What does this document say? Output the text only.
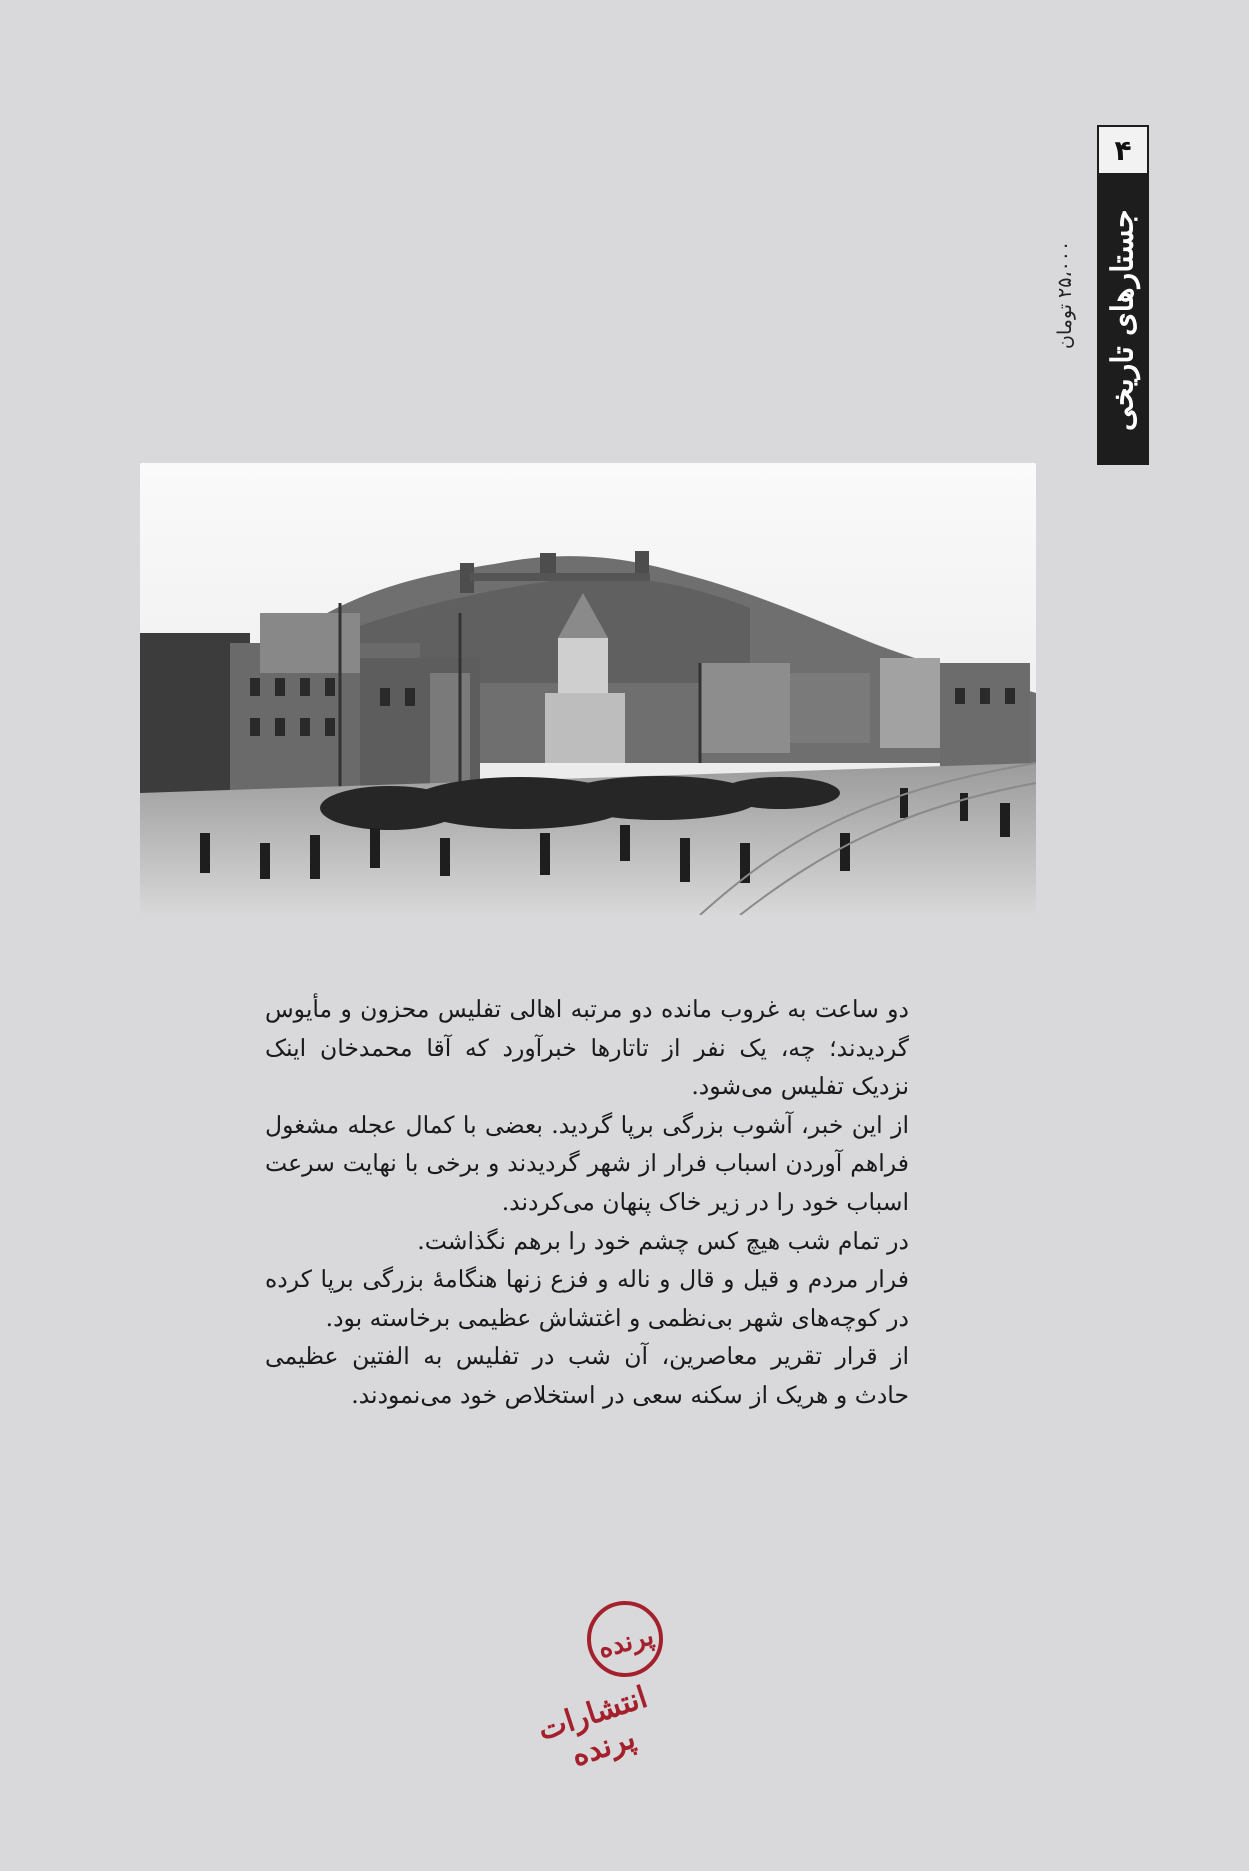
۴
جستارهای تاریخی
۲۵،۰۰۰ تومان

دو ساعت به غروب مانده دو مرتبه اهالی تفلیس محزون و مأیوس گردیدند؛ چه، یک نفر از تاتارها خبرآورد که آقا محمدخان اینک نزدیک تفلیس می‌شود.

از این خبر، آشوب بزرگی برپا گردید. بعضی با کمال عجله مشغول فراهم آوردن اسباب فرار از شهر گردیدند و برخی با نهایت سرعت اسباب خود را در زیر خاک پنهان می‌کردند.

در تمام شب هیچ کس چشم خود را برهم نگذاشت.

فرار مردم و قیل و قال و ناله و فزع زنها هنگامهٔ بزرگی برپا کرده در کوچه‌های شهر بی‌نظمی و اغتشاش عظیمی برخاسته بود.

از قرار تقریر معاصرین، آن شب در تفلیس به الفتین عظیمی حادث و هریک از سکنه سعی در استخلاص خود می‌نمودند.

پرنده
انتشارات پرنده
